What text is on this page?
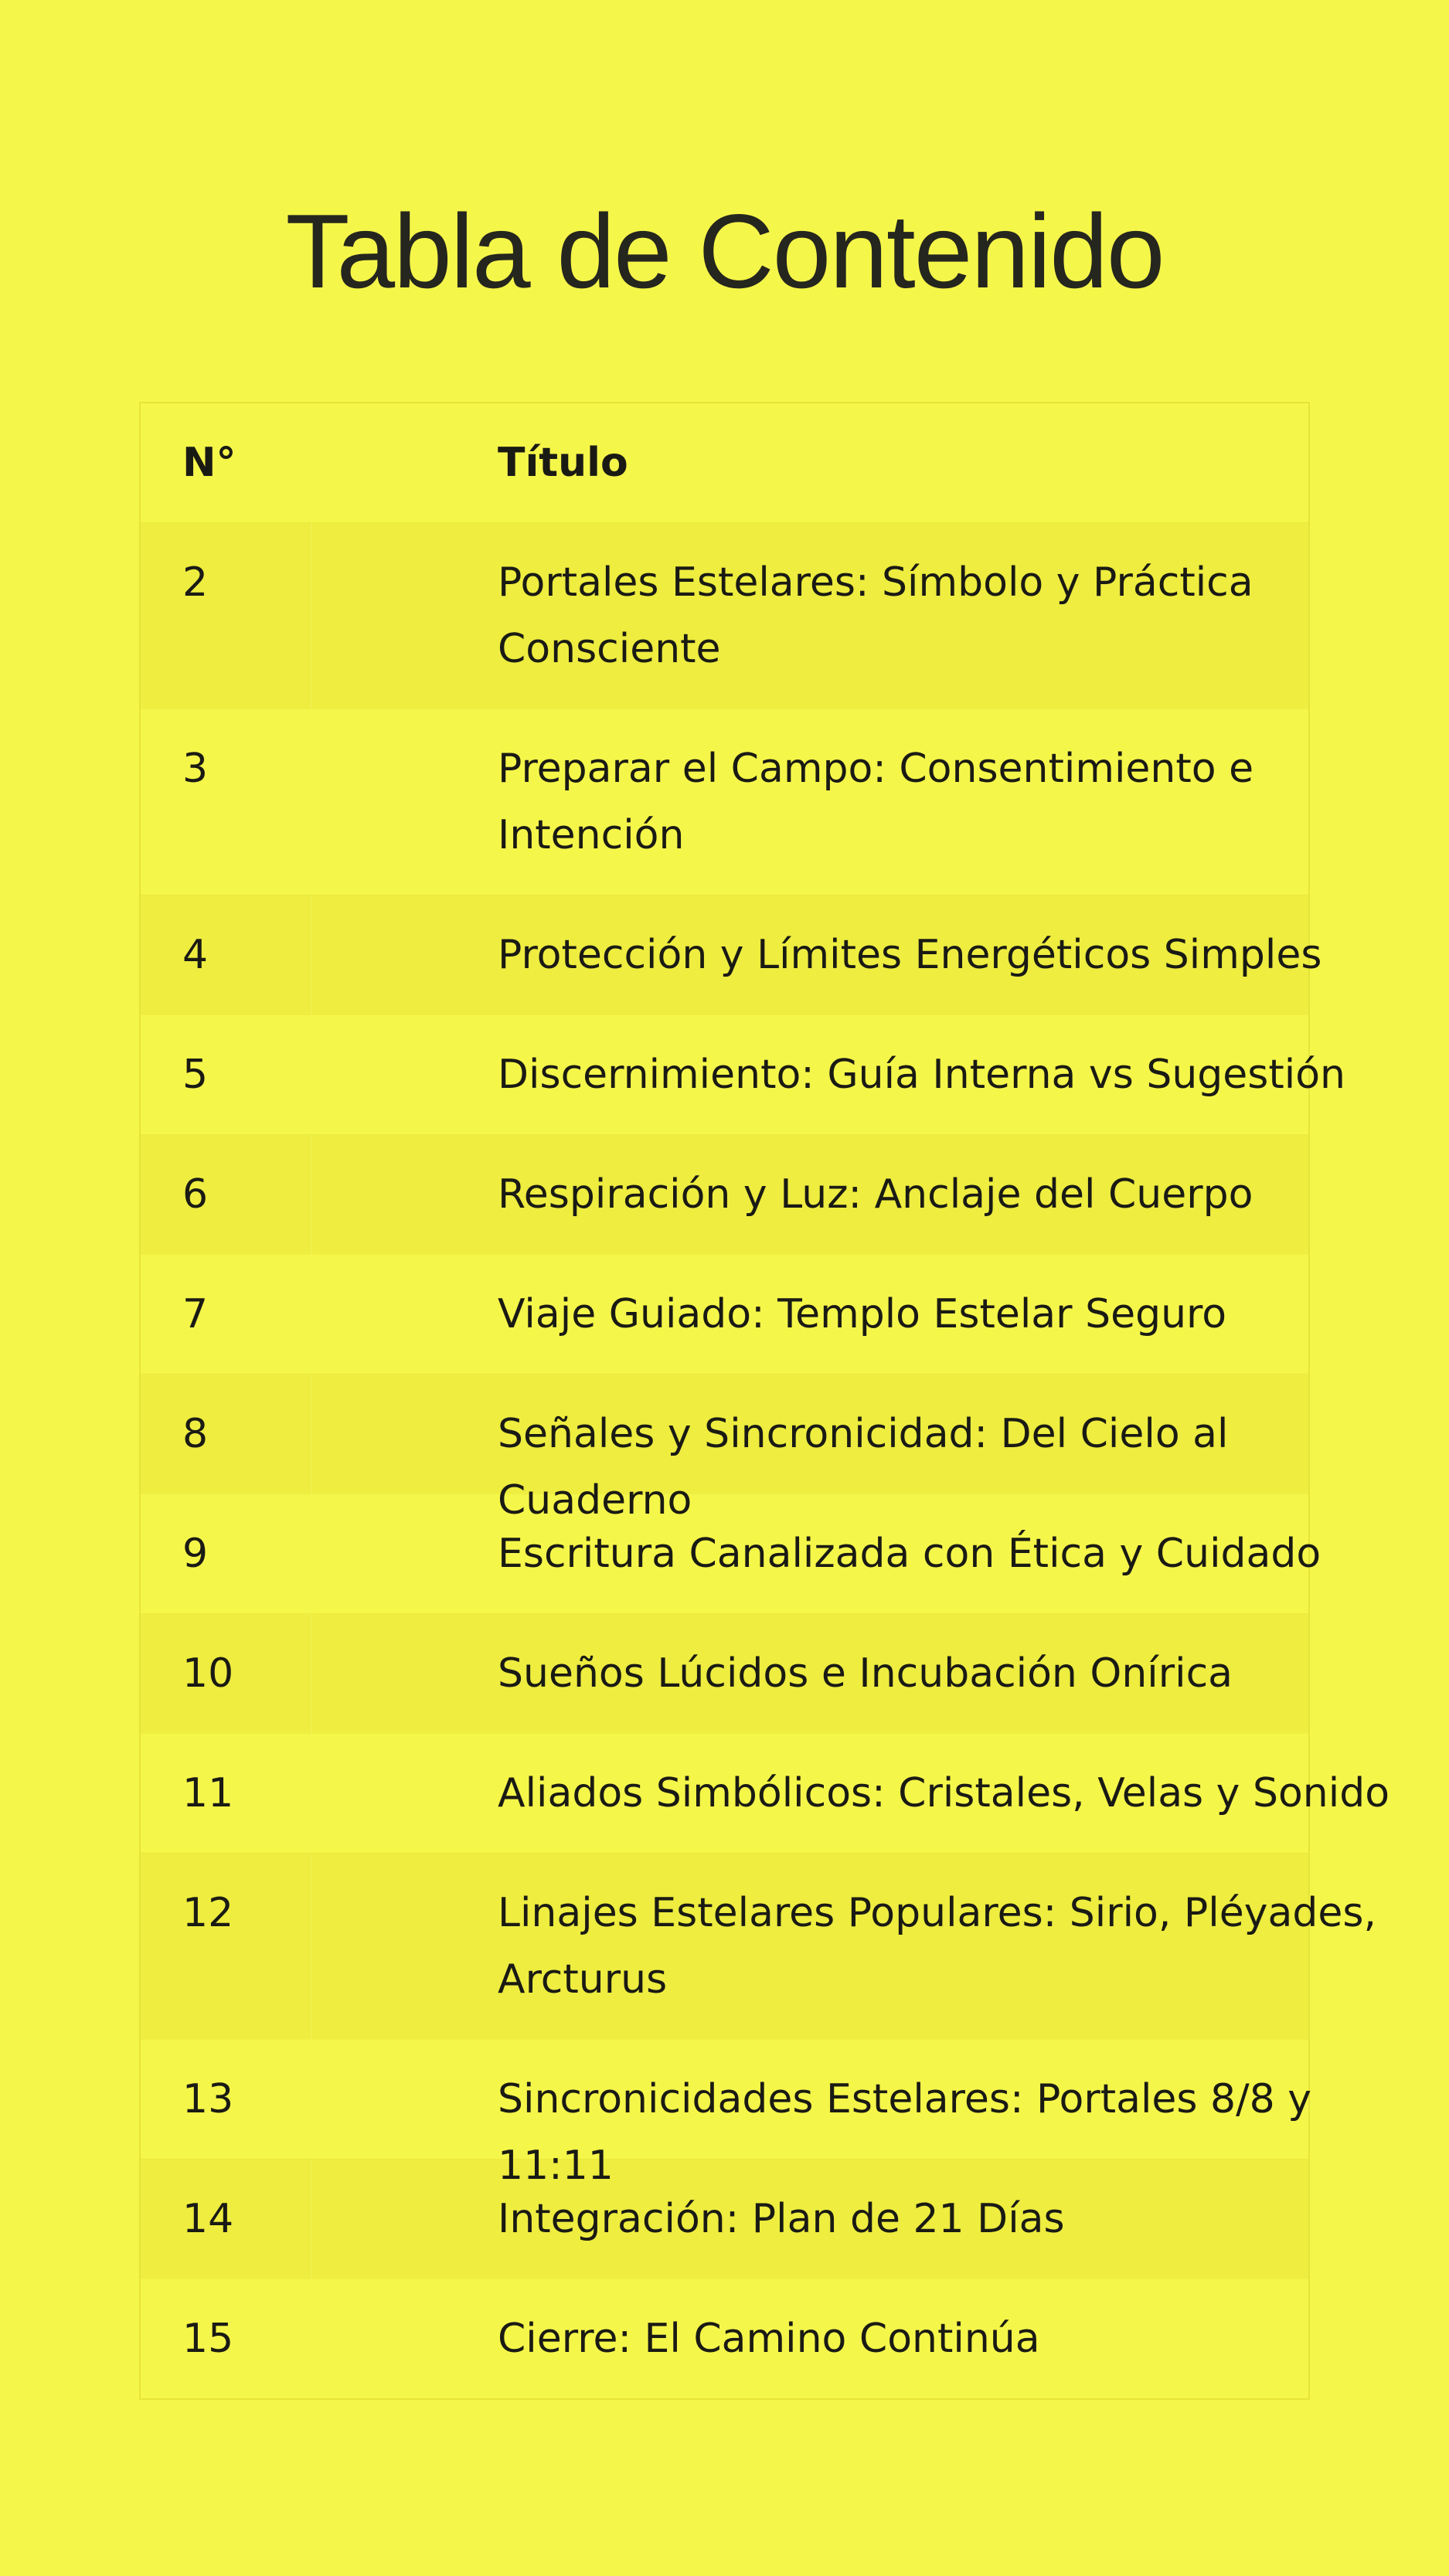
Tabla de Contenido
N°	Título
2	Portales Estelares: Símbolo y Práctica Consciente
3	Preparar el Campo: Consentimiento e Intención
4	Protección y Límites Energéticos Simples
5	Discernimiento: Guía Interna vs Sugestión
6	Respiración y Luz: Anclaje del Cuerpo
7	Viaje Guiado: Templo Estelar Seguro
8	Señales y Sincronicidad: Del Cielo al Cuaderno
9	Escritura Canalizada con Ética y Cuidado
10	Sueños Lúcidos e Incubación Onírica
11	Aliados Simbólicos: Cristales, Velas y Sonido
12	Linajes Estelares Populares: Sirio, Pléyades, Arcturus
13	Sincronicidades Estelares: Portales 8/8 y 11:11
14	Integración: Plan de 21 Días
15	Cierre: El Camino Continúa
